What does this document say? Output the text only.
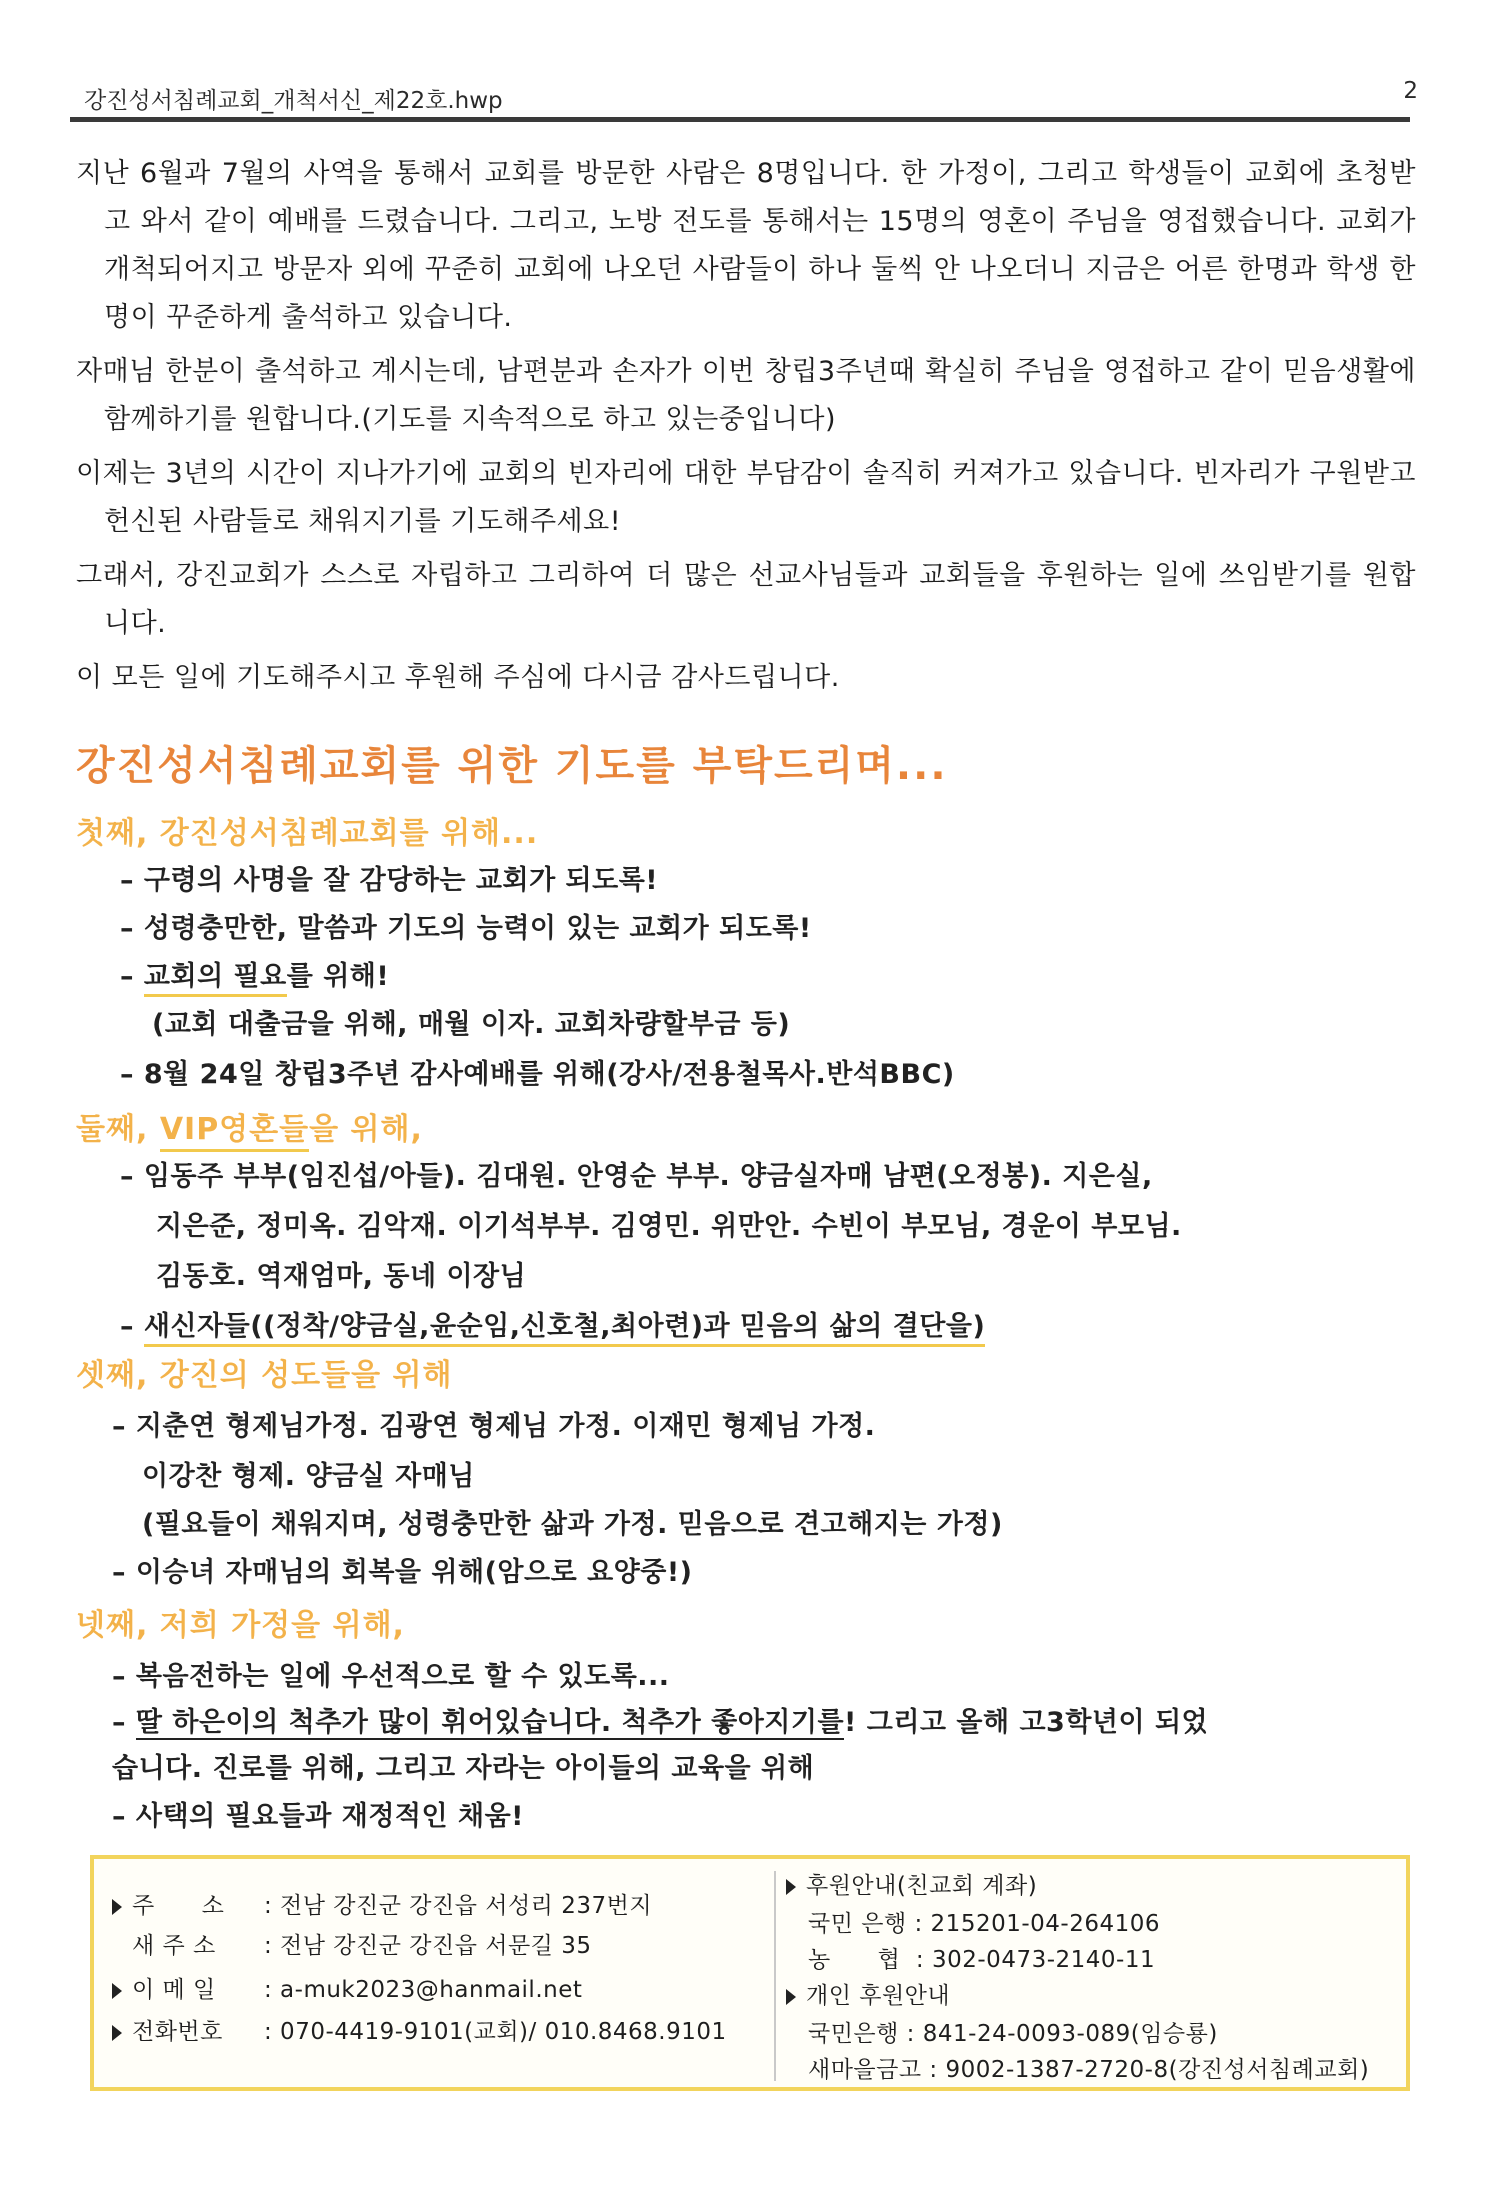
강진성서침례교회_개척서신_제22호.hwp	2

지난 6월과 7월의 사역을 통해서 교회를 방문한 사람은 8명입니다. 한 가정이, 그리고 학생들이 교회에 초청받고 와서 같이 예배를 드렸습니다. 그리고, 노방 전도를 통해서는 15명의 영혼이 주님을 영접했습니다. 교회가 개척되어지고 방문자 외에 꾸준히 교회에 나오던 사람들이 하나 둘씩 안 나오더니 지금은 어른 한명과 학생 한명이 꾸준하게 출석하고 있습니다.

자매님 한분이 출석하고 계시는데, 남편분과 손자가 이번 창립3주년때 확실히 주님을 영접하고 같이 믿음생활에 함께하기를 원합니다.(기도를 지속적으로 하고 있는중입니다)

이제는 3년의 시간이 지나가기에 교회의 빈자리에 대한 부담감이 솔직히 커져가고 있습니다. 빈자리가 구원받고 헌신된 사람들로 채워지기를 기도해주세요!

그래서, 강진교회가 스스로 자립하고 그리하여 더 많은 선교사님들과 교회들을 후원하는 일에 쓰임받기를 원합니다.

이 모든 일에 기도해주시고 후원해 주심에 다시금 감사드립니다.

강진성서침례교회를 위한 기도를 부탁드리며...
첫째, 강진성서침례교회를 위해...
– 구령의 사명을 잘 감당하는 교회가 되도록!
– 성령충만한, 말씀과 기도의 능력이 있는 교회가 되도록!
– 교회의 필요를 위해!
(교회 대출금을 위해, 매월 이자. 교회차량할부금 등)
– 8월 24일 창립3주년 감사예배를 위해(강사/전용철목사.반석BBC)
둘째, VIP영혼들을 위해,
– 임동주 부부(임진섭/아들). 김대원. 안영순 부부. 양금실자매 남편(오정봉). 지은실,
지은준, 정미옥. 김악재. 이기석부부. 김영민. 위만안. 수빈이 부모님, 경운이 부모님.
김동호. 역재엄마, 동네 이장님
– 새신자들((정착/양금실,윤순임,신호철,최아련)과 믿음의 삶의 결단을)
셋째, 강진의 성도들을 위해
– 지춘연 형제님가정. 김광연 형제님 가정. 이재민 형제님 가정.
이강찬 형제. 양금실 자매님
(필요들이 채워지며, 성령충만한 삶과 가정. 믿음으로 견고해지는 가정)
– 이승녀 자매님의 회복을 위해(암으로 요양중!)
넷째, 저희 가정을 위해,
– 복음전하는 일에 우선적으로 할 수 있도록...
– 딸 하은이의 척추가 많이 휘어있습니다. 척추가 좋아지기를! 그리고 올해 고3학년이 되었
습니다. 진로를 위해, 그리고 자라는 아이들의 교육을 위해
– 사택의 필요들과 재정적인 채움!
주      소 : 전남 강진군 강진읍 서성리 237번지
새 주 소 : 전남 강진군 강진읍 서문길 35
이 메 일 : a-muk2023@hanmail.net
전화번호 : 070-4419-9101(교회)/ 010.8468.9101
후원안내(친교회 계좌)
국민 은행 : 215201-04-264106
농      협  : 302-0473-2140-11
개인 후원안내
국민은행 : 841-24-0093-089(임승룡)
새마을금고 : 9002-1387-2720-8(강진성서침례교회)
